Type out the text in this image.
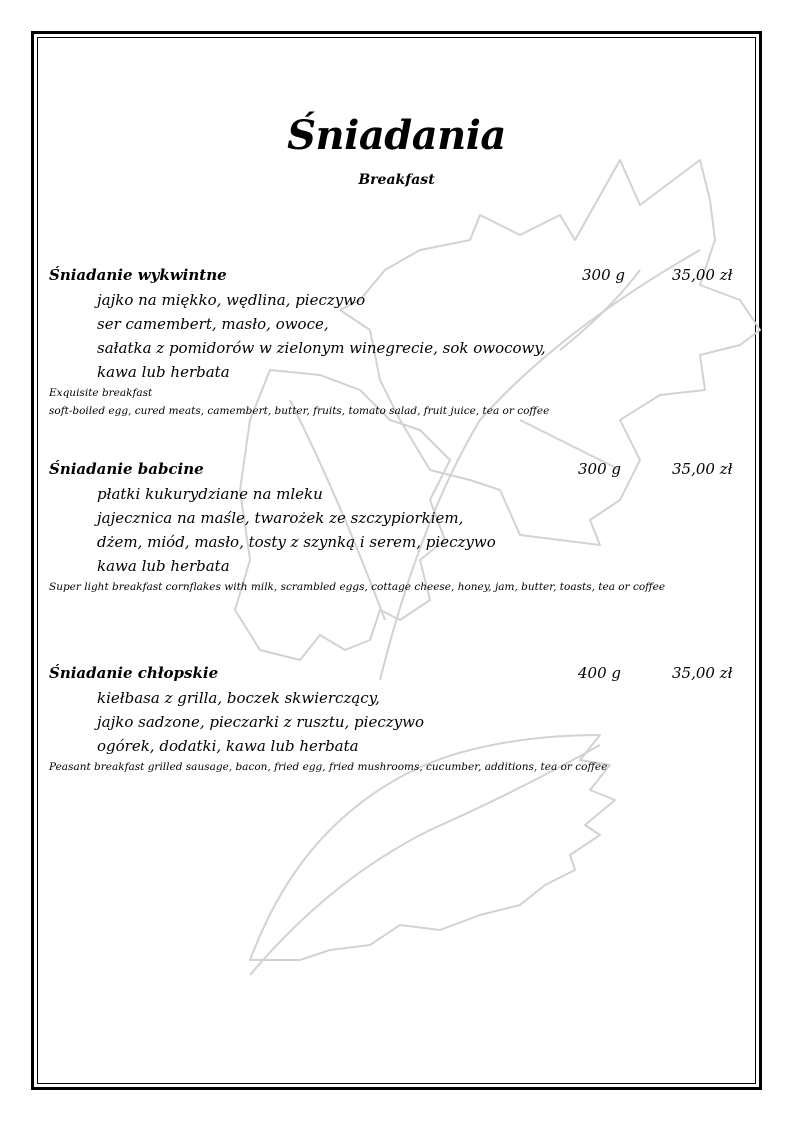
Śniadania
Breakfast
Śniadanie wykwintne	300 g	35,00 zł
jajko na miękko, wędlina, pieczywo
ser camembert, masło, owoce,
sałatka z pomidorów w zielonym winegrecie, sok owocowy,
kawa lub herbata
Exquisite breakfast
soft-boiled egg, cured meats, camembert, butter, fruits, tomato salad, fruit juice, tea or coffee
Śniadanie babcine	300 g	35,00 zł
płatki kukurydziane na mleku
jajecznica na maśle, twarożek ze szczypiorkiem,
dżem, miód, masło, tosty z szynką i serem, pieczywo
kawa lub herbata
Super light breakfast cornflakes with milk, scrambled eggs, cottage cheese, honey, jam, butter, toasts, tea or coffee
Śniadanie chłopskie	400 g	35,00 zł
kiełbasa z grilla, boczek skwierczący,
jajko sadzone, pieczarki z rusztu, pieczywo
ogórek, dodatki, kawa lub herbata
Peasant breakfast grilled sausage, bacon, fried egg, fried mushrooms, cucumber, additions, tea or coffee
